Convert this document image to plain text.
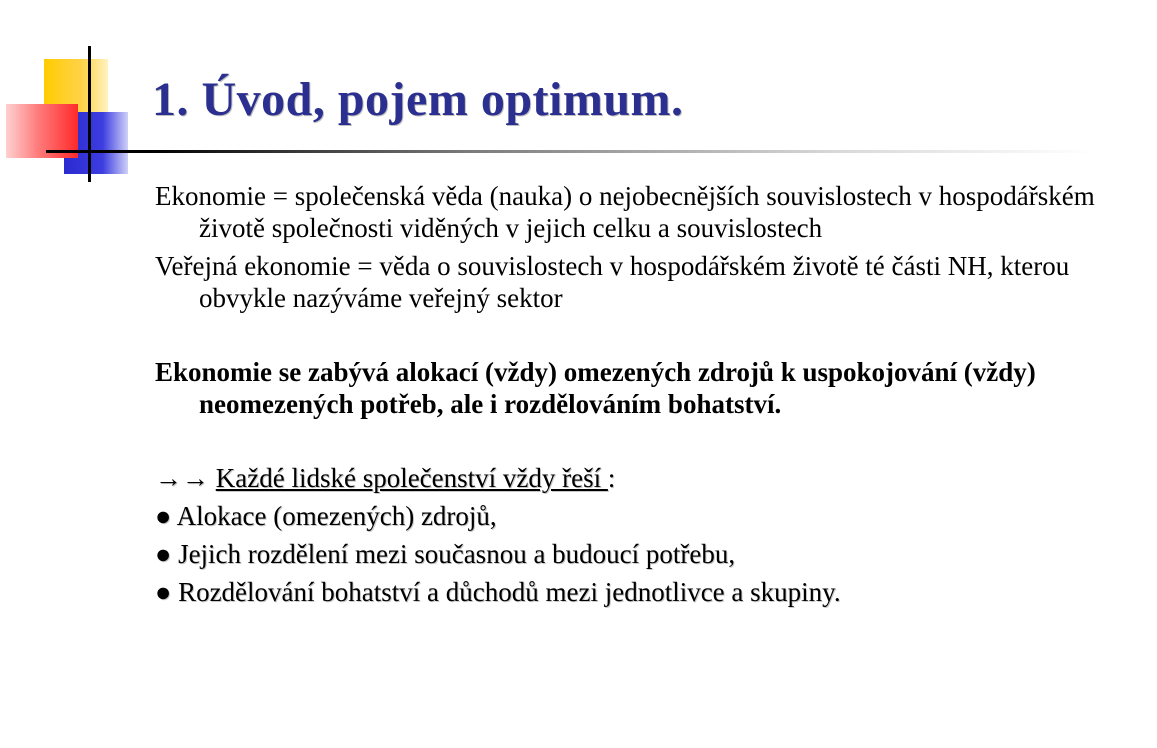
1. Úvod, pojem optimum.

Ekonomie = společenská věda (nauka) o nejobecnějších souvislostech v hospodářském životě společnosti viděných v jejich celku a souvislostech

Veřejná ekonomie = věda o souvislostech v hospodářském životě té části NH, kterou obvykle nazýváme veřejný sektor

Ekonomie se zabývá alokací (vždy) omezených zdrojů k uspokojování (vždy) neomezených potřeb, ale i rozdělováním bohatství.

→→ Každé lidské společenství vždy řeší :

● Alokace (omezených) zdrojů,

● Jejich rozdělení mezi současnou a budoucí potřebu,

● Rozdělování bohatství a důchodů mezi jednotlivce a skupiny.
